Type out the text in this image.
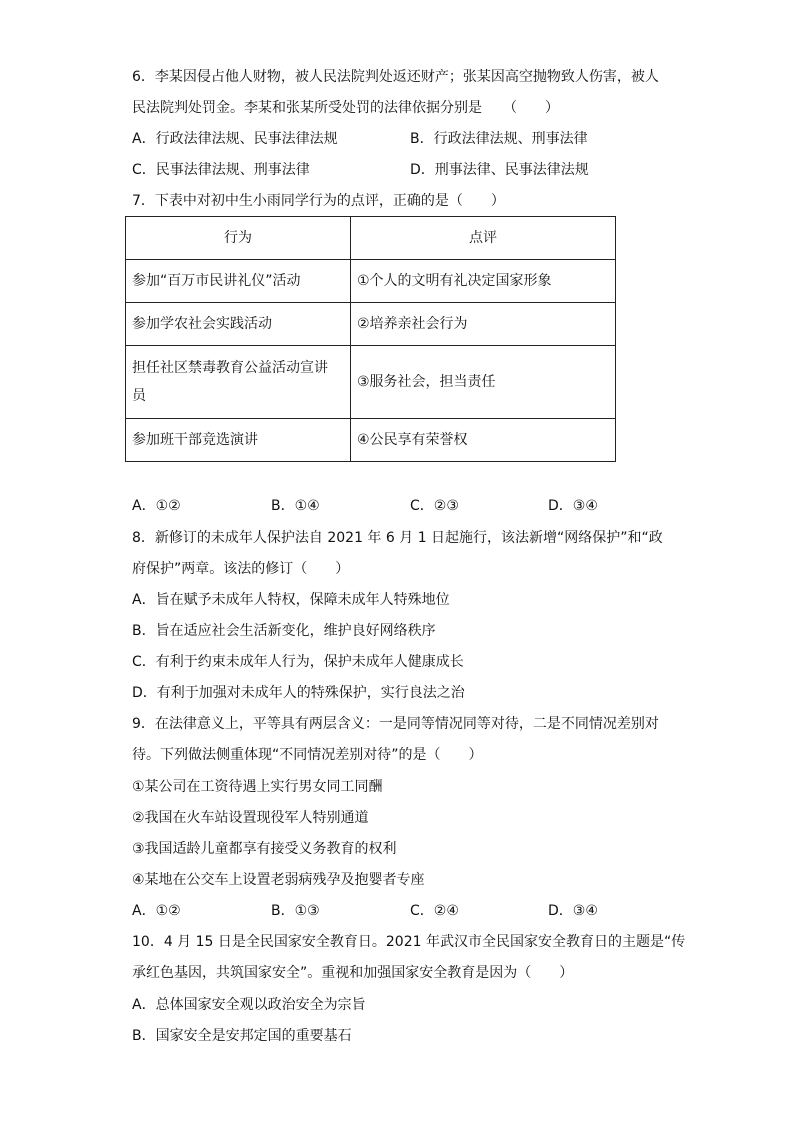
6．李某因侵占他人财物，被人民法院判处返还财产；张某因高空抛物致人伤害，被人
民法院判处罚金。李某和张某所受处罚的法律依据分别是　　（　　）
A．行政法律法规、民事法律法规	B．行政法律法规、刑事法律
C．民事法律法规、刑事法律	D．刑事法律、民事法律法规
7．下表中对初中生小雨同学行为的点评，正确的是（　　）
行为	点评
参加“百万市民讲礼仪”活动	①个人的文明有礼决定国家形象
参加学农社会实践活动	②培养亲社会行为

担任社区禁毒教育公益活动宣讲员	③服务社会，担当责任
参加班干部竞选演讲	④公民享有荣誉权
A．①②	B．①④	C．②③	D．③④
8．新修订的未成年人保护法自 2021 年 6 月 1 日起施行，该法新增“网络保护”和“政
府保护”两章。该法的修订（　　）
A．旨在赋予未成年人特权，保障未成年人特殊地位
B．旨在适应社会生活新变化，维护良好网络秩序
C．有利于约束未成年人行为，保护未成年人健康成长
D．有利于加强对未成年人的特殊保护，实行良法之治
9．在法律意义上，平等具有两层含义：一是同等情况同等对待，二是不同情况差别对
待。下列做法侧重体现“不同情况差别对待”的是（　　）
①某公司在工资待遇上实行男女同工同酬
②我国在火车站设置现役军人特别通道
③我国适龄儿童都享有接受义务教育的权利
④某地在公交车上设置老弱病残孕及抱婴者专座
A．①②	B．①③	C．②④	D．③④
10．4 月 15 日是全民国家安全教育日。2021 年武汉市全民国家安全教育日的主题是“传
承红色基因，共筑国家安全”。重视和加强国家安全教育是因为（　　）
A．总体国家安全观以政治安全为宗旨
B．国家安全是安邦定国的重要基石
